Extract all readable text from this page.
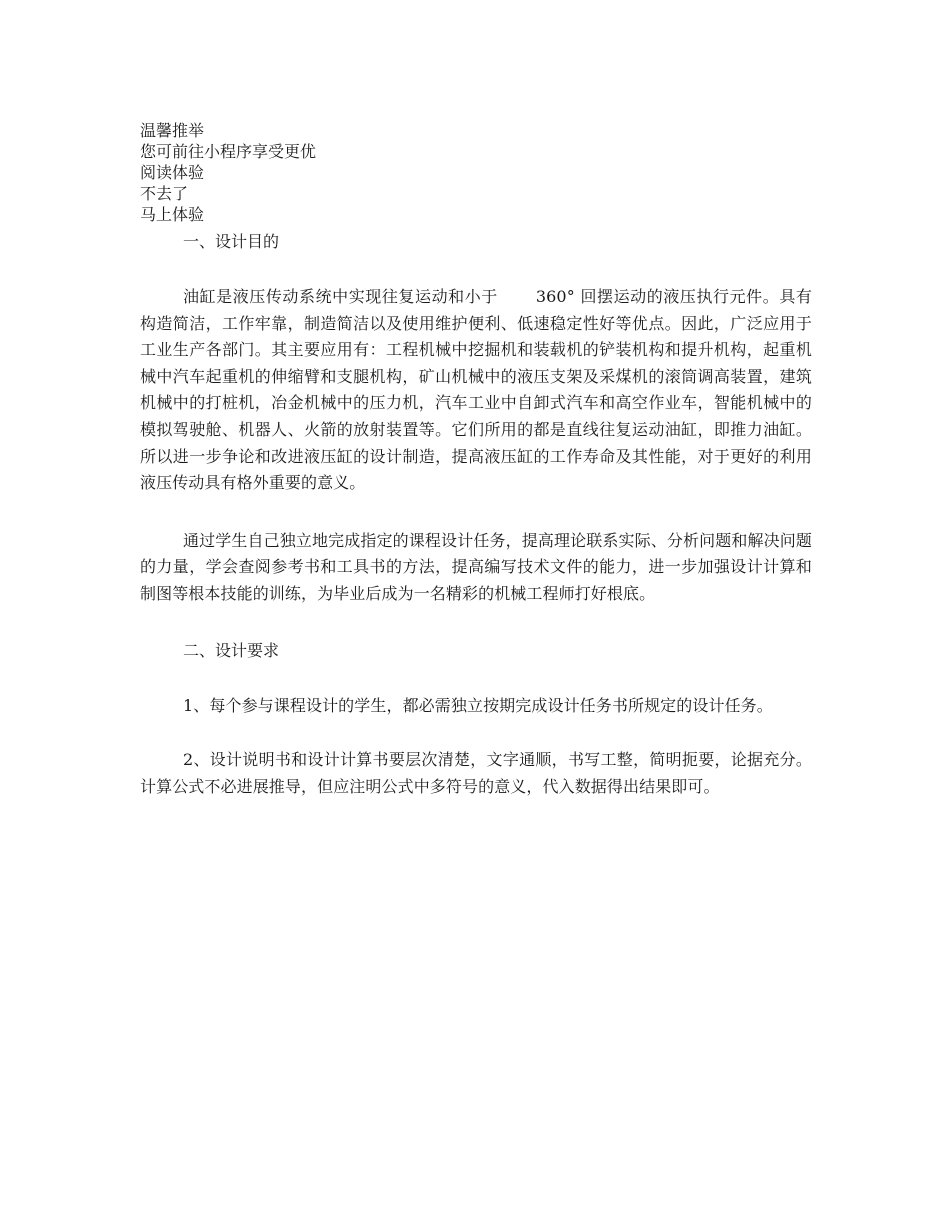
温馨推举
您可前往小程序享受更优
阅读体验
不去了
马上体验
一、设计目的

油缸是液压传动系统中实现往复运动和小于 360° 回摆运动的液压执行元件。具有构造简洁，工作牢靠，制造简洁以及使用维护便利、低速稳定性好等优点。因此，广泛应用于工业生产各部门。其主要应用有：工程机械中挖掘机和装载机的铲装机构和提升机构，起重机械中汽车起重机的伸缩臂和支腿机构，矿山机械中的液压支架及采煤机的滚筒调高装置，建筑机械中的打桩机，冶金机械中的压力机，汽车工业中自卸式汽车和高空作业车，智能机械中的模拟驾驶舱、机器人、火箭的放射装置等。它们所用的都是直线往复运动油缸，即推力油缸。所以进一步争论和改进液压缸的设计制造，提高液压缸的工作寿命及其性能，对于更好的利用液压传动具有格外重要的意义。

通过学生自己独立地完成指定的课程设计任务，提高理论联系实际、分析问题和解决问题的力量，学会查阅参考书和工具书的方法，提高编写技术文件的能力，进一步加强设计计算和制图等根本技能的训练，为毕业后成为一名精彩的机械工程师打好根底。

二、设计要求

1、每个参与课程设计的学生，都必需独立按期完成设计任务书所规定的设计任务。

2、设计说明书和设计计算书要层次清楚，文字通顺，书写工整，简明扼要，论据充分。计算公式不必进展推导，但应注明公式中多符号的意义，代入数据得出结果即可。
